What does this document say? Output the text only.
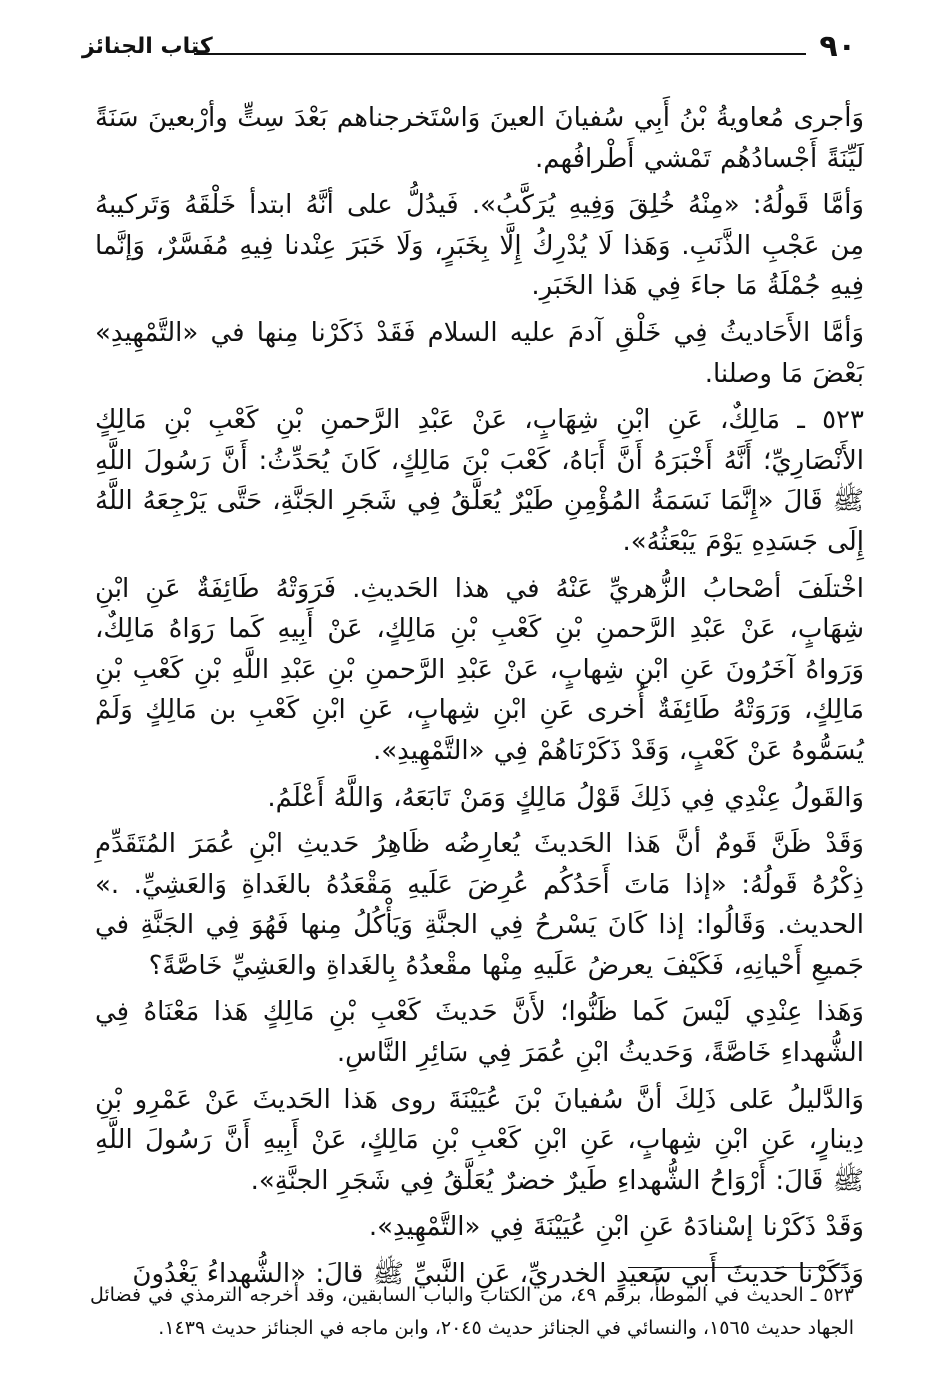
٩٠
كتاب الجنائز

وَأجرى مُعاويةُ بْنُ أَبِي سُفيانَ العينَ وَاسْتَخرجناهم بَعْدَ سِتٍّ وأرْبعينَ سَنَةً لَيِّنَةً أَجْسادُهُم تَمْشي أَطْرافُهم.

وَأمَّا قَولُهُ: «مِنْهُ خُلِقَ وَفِيهِ يُرَكَّبُ». فَيدُلُّ على أنَّهُ ابتدأ خَلْقَهُ وَتَركيبهُ مِن عَجْبِ الذَّنَبِ. وَهَذا لَا يُدْرِكُ إِلَّا بِخَبَرٍ، وَلَا خَبَرَ عِنْدنا فِيهِ مُفَسَّرٌ، وَإنَّما فِيهِ جُمْلَةُ مَا جاءَ فِي هَذا الخَبَرِ.

وَأمَّا الأَحَاديثُ فِي خَلْقِ آدمَ عليه السلام فَقَدْ ذَكَرْنا مِنها في «التَّمْهِيدِ» بَعْضَ مَا وصلنا.

٥٢٣ ـ مَالِكٌ، عَنِ ابْنِ شِهَابٍ، عَنْ عَبْدِ الرَّحمنِ بْنِ كَعْبِ بْنِ مَالِكٍ الأَنْصَارِيِّ؛ أَنَّهُ أَخْبَرَهُ أَنَّ أَبَاهُ، كَعْبَ بْنَ مَالِكٍ، كَانَ يُحَدِّثُ: أَنَّ رَسُولَ اللَّهِ ﷺ قَالَ «إِنَّمَا نَسَمَةُ المُؤْمِنِ طَيْرٌ يُعَلَّقُ فِي شَجَرِ الجَنَّةِ، حَتَّى يَرْجِعَهُ اللَّهُ إِلَى جَسَدِهِ يَوْمَ يَبْعَثُهُ».

اخْتلَفَ أصْحابُ الزُّهريِّ عَنْهُ في هذا الحَديثِ. فَرَوَتْهُ طَائِفَةٌ عَنِ ابْنِ شِهَابٍ، عَنْ عَبْدِ الرَّحمنِ بْنِ كَعْبِ بْنِ مَالِكٍ، عَنْ أَبِيهِ كَما رَوَاهُ مَالِكٌ، وَرَواهُ آخَرُونَ عَنِ ابْنِ شِهابٍ، عَنْ عَبْدِ الرَّحمنِ بْنِ عَبْدِ اللَّهِ بْنِ كَعْبِ بْنِ مَالِكٍ، وَرَوَتْهُ طَائِفَةٌ أُخرى عَنِ ابْنِ شِهابٍ، عَنِ ابْنِ كَعْبِ بن مَالِكٍ وَلَمْ يُسَمُّوهُ عَنْ كَعْبٍ، وَقَدْ ذَكَرْنَاهُمْ فِي «التَّمْهِيدِ».

وَالقَولُ عِنْدِي فِي ذَلِكَ قَوْلُ مَالِكٍ وَمَنْ تَابَعَهُ، وَاللَّهُ أَعْلَمُ.

وَقَدْ ظَنَّ قَومٌ أنَّ هَذا الحَديثَ يُعارِضُه ظَاهِرُ حَديثِ ابْنِ عُمَرَ المُتَقَدِّمِ ذِكْرُهُ قَولُهُ: «إذا مَاتَ أَحَدُكُم عُرِضَ عَلَيهِ مَقْعَدُهُ بالغَداةِ وَالعَشِيِّ. .» الحديث. وَقَالُوا: إذا كَانَ يَسْرحُ فِي الجنَّةِ وَيَأْكُلُ مِنها فَهُوَ فِي الجَنَّةِ في جَميعِ أَحْيانِهِ، فَكَيْفَ يعرضُ عَلَيهِ مِنْها مقْعدُهُ بِالغَداةِ والعَشِيِّ خَاصَّةً؟

وَهَذا عِنْدِي لَيْسَ كَما ظَنُّوا؛ لأَنَّ حَديثَ كَعْبِ بْنِ مَالِكٍ هَذا مَعْنَاهُ فِي الشُّهداءِ خَاصَّةً، وَحَديثُ ابْنِ عُمَرَ فِي سَائِرِ النَّاسِ.

وَالدَّليلُ عَلى ذَلِكَ أنَّ سُفيانَ بْنَ عُيَيْنَةَ روى هَذا الحَديثَ عَنْ عَمْرِو بْنِ دِينارٍ، عَنِ ابْنِ شِهابٍ، عَنِ ابْنِ كَعْبِ بْنِ مَالِكٍ، عَنْ أَبِيهِ أَنَّ رَسُولَ اللَّهِ ﷺ قَالَ: أَرْوَاحُ الشُّهداءِ طَيرٌ خضرٌ يُعَلَّقُ فِي شَجَرِ الجنَّةِ».

وَقَدْ ذَكَرْنا إسْنادَهُ عَنِ ابْنِ عُيَيْنَةَ فِي «التَّمْهِيدِ».

وَذَكَرْنا حَديثَ أَبي سَعيدٍ الخدريِّ، عَنِ النَّبيِّ ﷺ قالَ: «الشُّهداءُ يَغْدُونَ

٥٢٣ ـ الحديث في الموطأ، برقم ٤٩، من الكتاب والباب السابقين، وقد أخرجه الترمذي في فضائل الجهاد حديث ١٥٦٥، والنسائي في الجنائز حديث ٢٠٤٥، وابن ماجه في الجنائز حديث ١٤٣٩.
